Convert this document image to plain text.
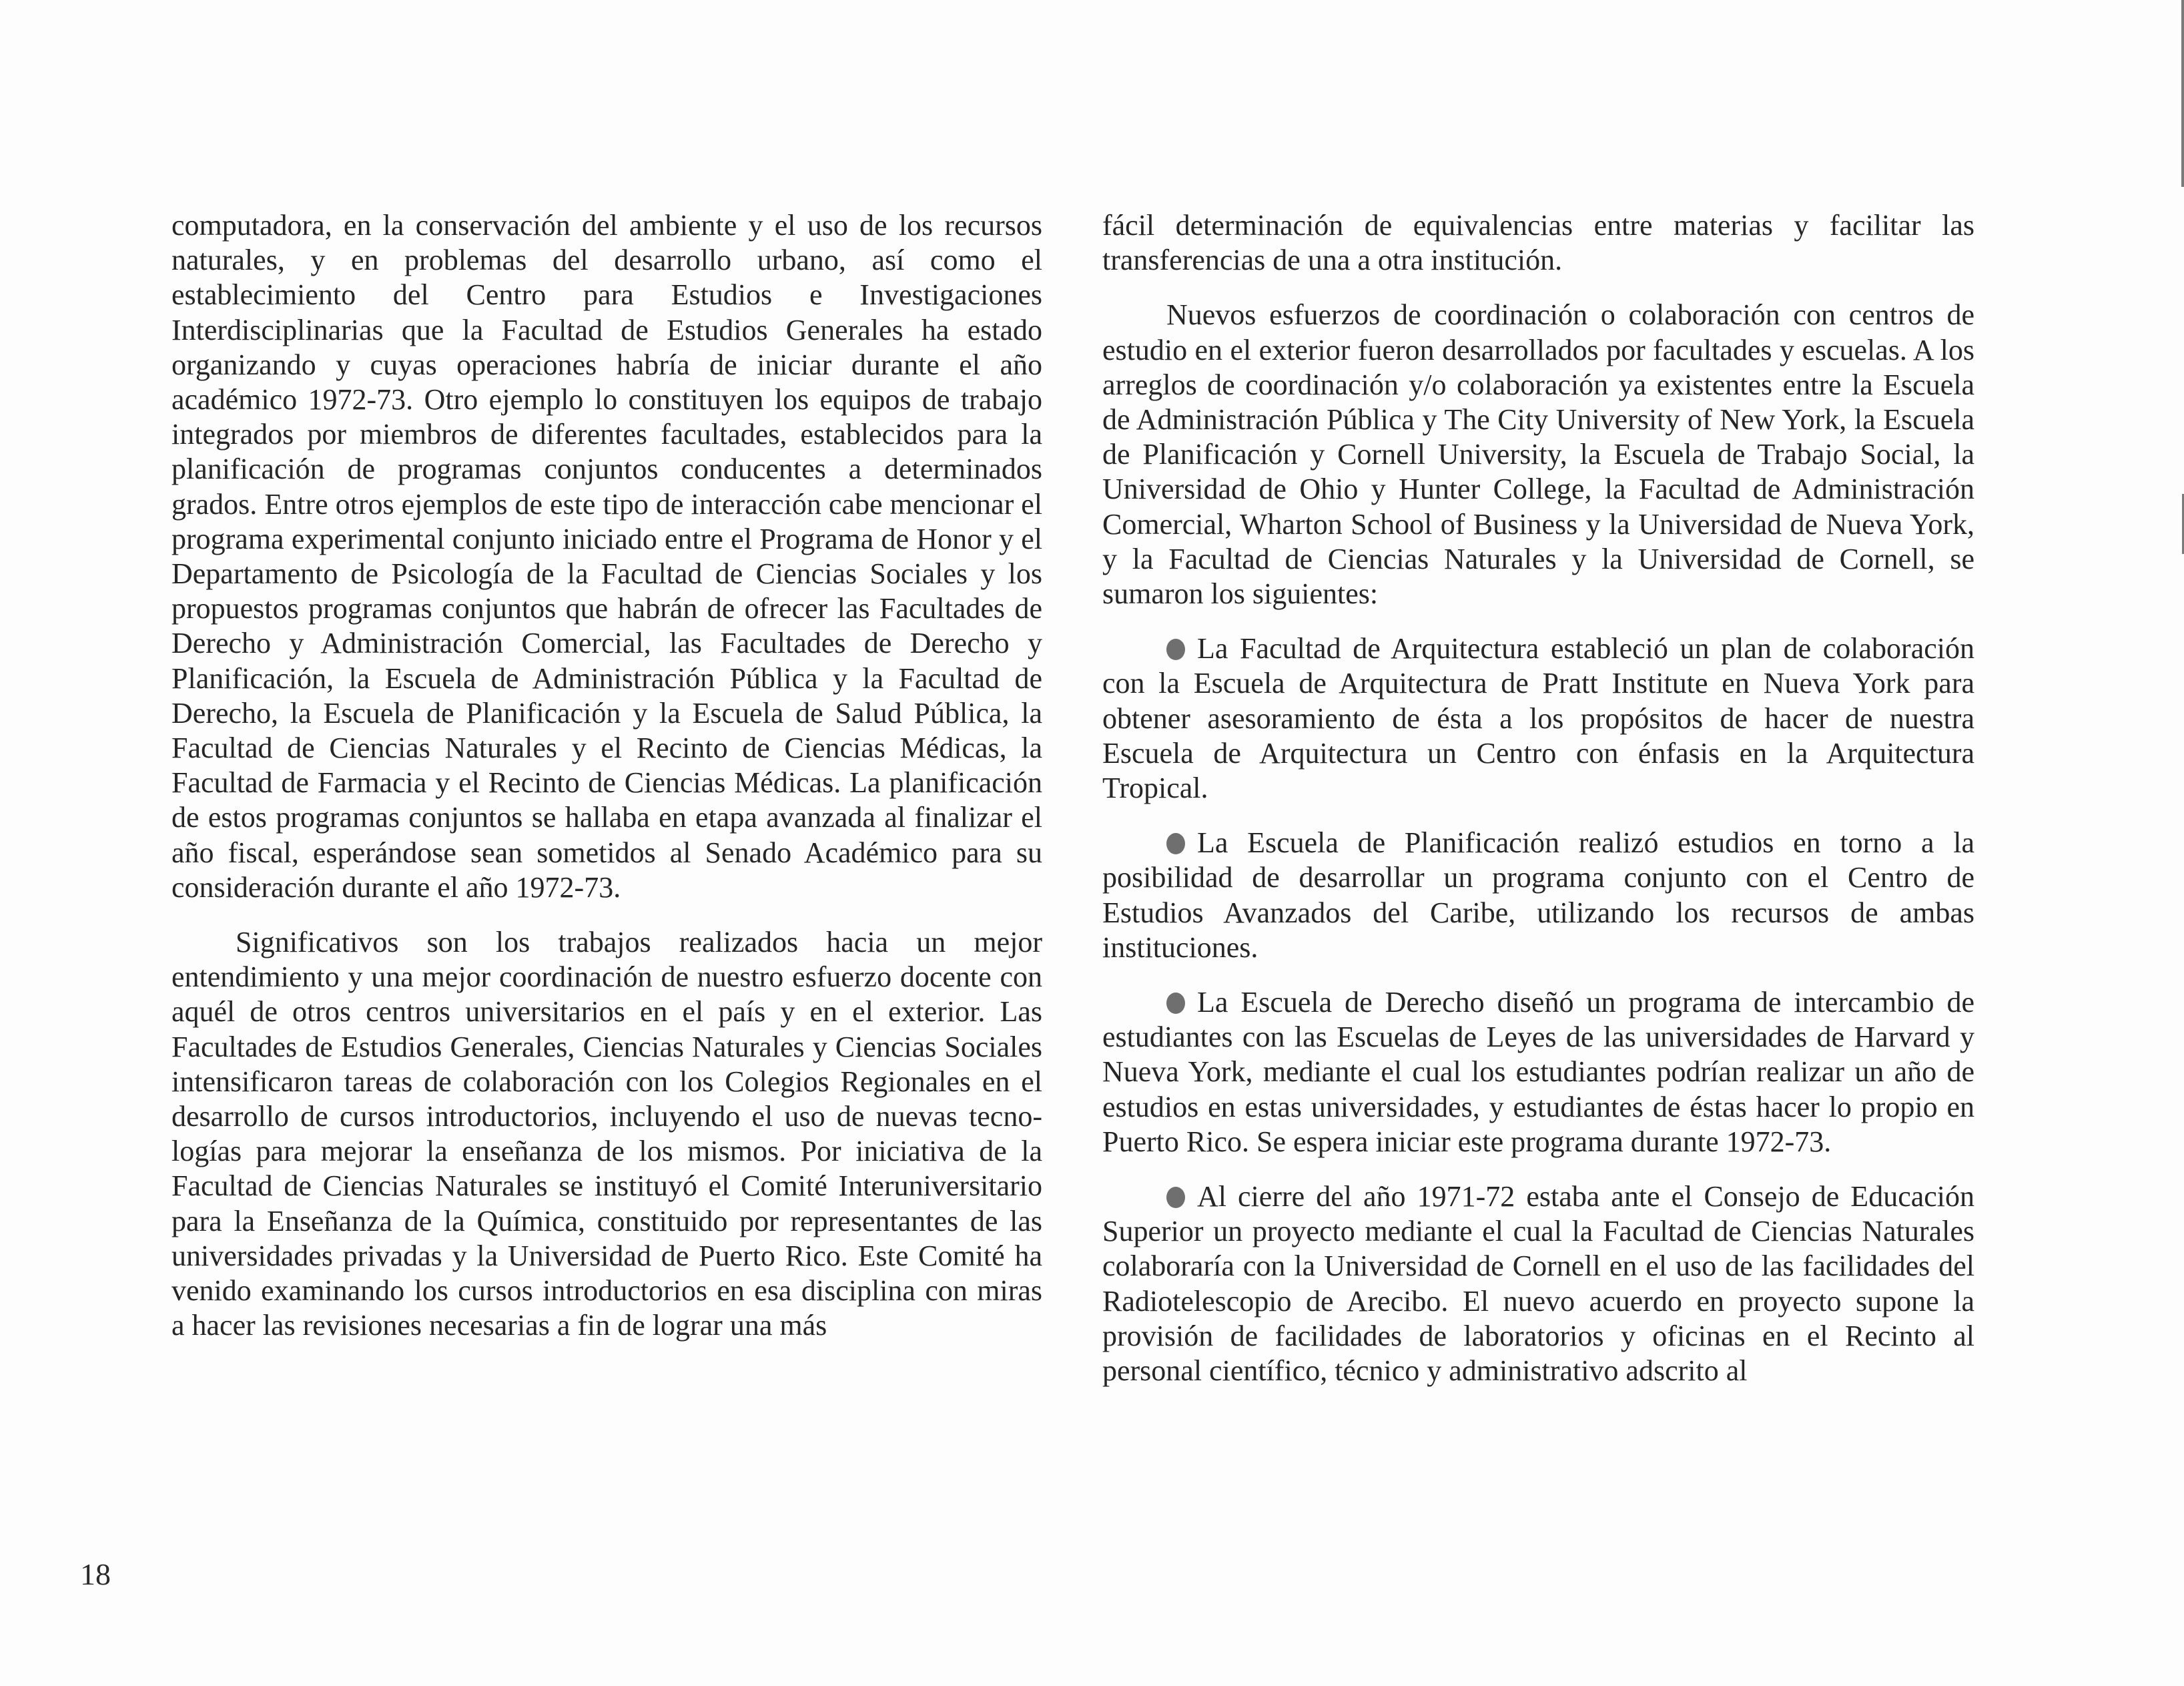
computadora, en la conservación del ambiente y el uso de los recursos naturales, y en problemas del desarrollo urbano, así como el establecimiento del Centro para Estudios e Investigaciones Interdisciplinarias que la Facultad de Estudios Generales ha estado organizando y cuyas operaciones habría de iniciar durante el año académico 1972-73. Otro ejemplo lo constituyen los equipos de trabajo integrados por miembros de diferentes facultades, establecidos para la planificación de programas conjuntos conducentes a determinados grados. Entre otros ejemplos de este tipo de interacción cabe mencionar el programa experimental conjunto iniciado entre el Programa de Honor y el Departamento de Psicología de la Facultad de Ciencias Sociales y los propuestos programas conjuntos que habrán de ofrecer las Facultades de Derecho y Administración Comercial, las Facultades de Derecho y Planificación, la Escuela de Administración Pública y la Facultad de Derecho, la Escuela de Planificación y la Escuela de Salud Pública, la Facultad de Ciencias Naturales y el Recinto de Ciencias Médicas, la Facultad de Farmacia y el Recinto de Ciencias Médicas. La planificación de estos programas conjuntos se hallaba en etapa avanzada al finalizar el año fiscal, esperándose sean sometidos al Senado Académico para su consideración durante el año 1972-73.

Significativos son los trabajos realizados hacia un mejor entendimiento y una mejor coordinación de nuestro esfuerzo docente con aquél de otros centros universitarios en el país y en el exterior. Las Facultades de Estudios Generales, Ciencias Naturales y Ciencias Sociales intensificaron tareas de colaboración con los Colegios Regionales en el desarrollo de cursos introductorios, incluyendo el uso de nuevas tecnologías para mejorar la enseñanza de los mismos. Por iniciativa de la Facultad de Ciencias Naturales se instituyó el Comité Interuniversitario para la Enseñanza de la Química, constituido por representantes de las universidades privadas y la Universidad de Puerto Rico. Este Comité ha venido examinando los cursos introductorios en esa disciplina con miras a hacer las revisiones necesarias a fin de lograr una más

fácil determinación de equivalencias entre materias y facilitar las transferencias de una a otra institución.

Nuevos esfuerzos de coordinación o colaboración con centros de estudio en el exterior fueron desarrollados por facultades y escuelas. A los arreglos de coordinación y/o colaboración ya existentes entre la Escuela de Administración Pública y The City University of New York, la Escuela de Planificación y Cornell University, la Escuela de Trabajo Social, la Universidad de Ohio y Hunter College, la Facultad de Administración Comercial, Wharton School of Business y la Universidad de Nueva York, y la Facultad de Ciencias Naturales y la Universidad de Cornell, se sumaron los siguientes:

La Facultad de Arquitectura estableció un plan de colaboración con la Escuela de Arquitectura de Pratt Institute en Nueva York para obtener asesoramiento de ésta a los propósitos de hacer de nuestra Escuela de Arquitectura un Centro con énfasis en la Arquitectura Tropical.

La Escuela de Planificación realizó estudios en torno a la posibilidad de desarrollar un programa conjunto con el Centro de Estudios Avanzados del Caribe, utilizando los recursos de ambas instituciones.

La Escuela de Derecho diseñó un programa de intercambio de estudiantes con las Escuelas de Leyes de las universidades de Harvard y Nueva York, mediante el cual los estudiantes podrían realizar un año de estudios en estas universidades, y estudiantes de éstas hacer lo propio en Puerto Rico. Se espera iniciar este programa durante 1972-73.

Al cierre del año 1971-72 estaba ante el Consejo de Educación Superior un proyecto mediante el cual la Facultad de Ciencias Naturales colaboraría con la Universidad de Cornell en el uso de las facilidades del Radiotelescopio de Arecibo. El nuevo acuerdo en proyecto supone la provisión de facilidades de laboratorios y oficinas en el Recinto al personal científico, técnico y administrativo adscrito al

18
